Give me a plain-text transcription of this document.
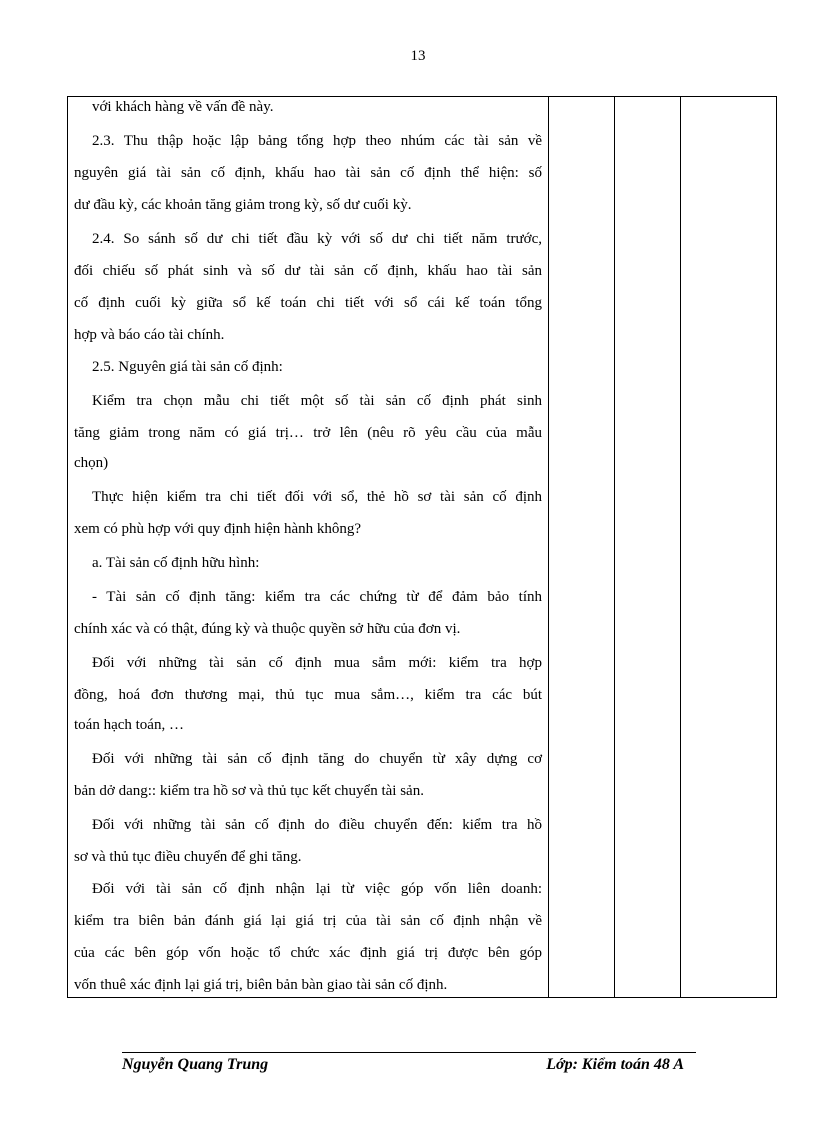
13
với khách hàng về vấn đề này.
2.3. Thu thập hoặc lập bảng tổng hợp theo nhúm các tài sản về
nguyên giá tài sản cố định, khấu hao tài sản cố định thể hiện: số
dư đầu kỳ, các khoản tăng giảm trong kỳ, số dư cuối kỳ.
2.4. So sánh số dư chi tiết đầu kỳ với số dư chi tiết năm trước,
đối chiếu số phát sinh và số dư tài sản cố định, khấu hao tài sản
cố định cuối kỳ giữa sổ kế toán chi tiết với sổ cái kế toán tổng
hợp và báo cáo tài chính.
2.5. Nguyên giá tài sản cố định:
Kiểm tra chọn mẫu chi tiết một số tài sản cố định phát sinh
tăng giảm trong năm có giá trị… trở lên (nêu rõ yêu cầu của mẫu
chọn)
Thực hiện kiểm tra chi tiết đối với sổ, thẻ hồ sơ tài sản cố định
xem có phù hợp với quy định hiện hành không?
a. Tài sản cố định hữu hình:
- Tài sản cố định tăng: kiểm tra các chứng từ để đảm bảo tính
chính xác và có thật, đúng kỳ và thuộc quyền sở hữu của đơn vị.
Đối với những tài sản cố định mua sắm mới: kiểm tra hợp
đồng, hoá đơn thương mại, thủ tục mua sắm…, kiểm tra các bút
toán hạch toán, …
Đối với những tài sản cố định tăng do chuyển từ xây dựng cơ
bản dở dang:: kiểm tra hồ sơ và thủ tục kết chuyển tài sản.
Đối với những tài sản cố định do điều chuyển đến: kiểm tra hồ
sơ và thủ tục điều chuyển để ghi tăng.
Đối với tài sản cố định nhận lại từ việc góp vốn liên doanh:
kiểm tra biên bản đánh giá lại giá trị của tài sản cố định nhận về
của các bên góp vốn hoặc tổ chức xác định giá trị được bên góp
vốn thuê xác định lại giá trị, biên bản bàn giao tài sản cố định.
Nguyễn Quang Trung	Lớp: Kiểm toán 48 A
